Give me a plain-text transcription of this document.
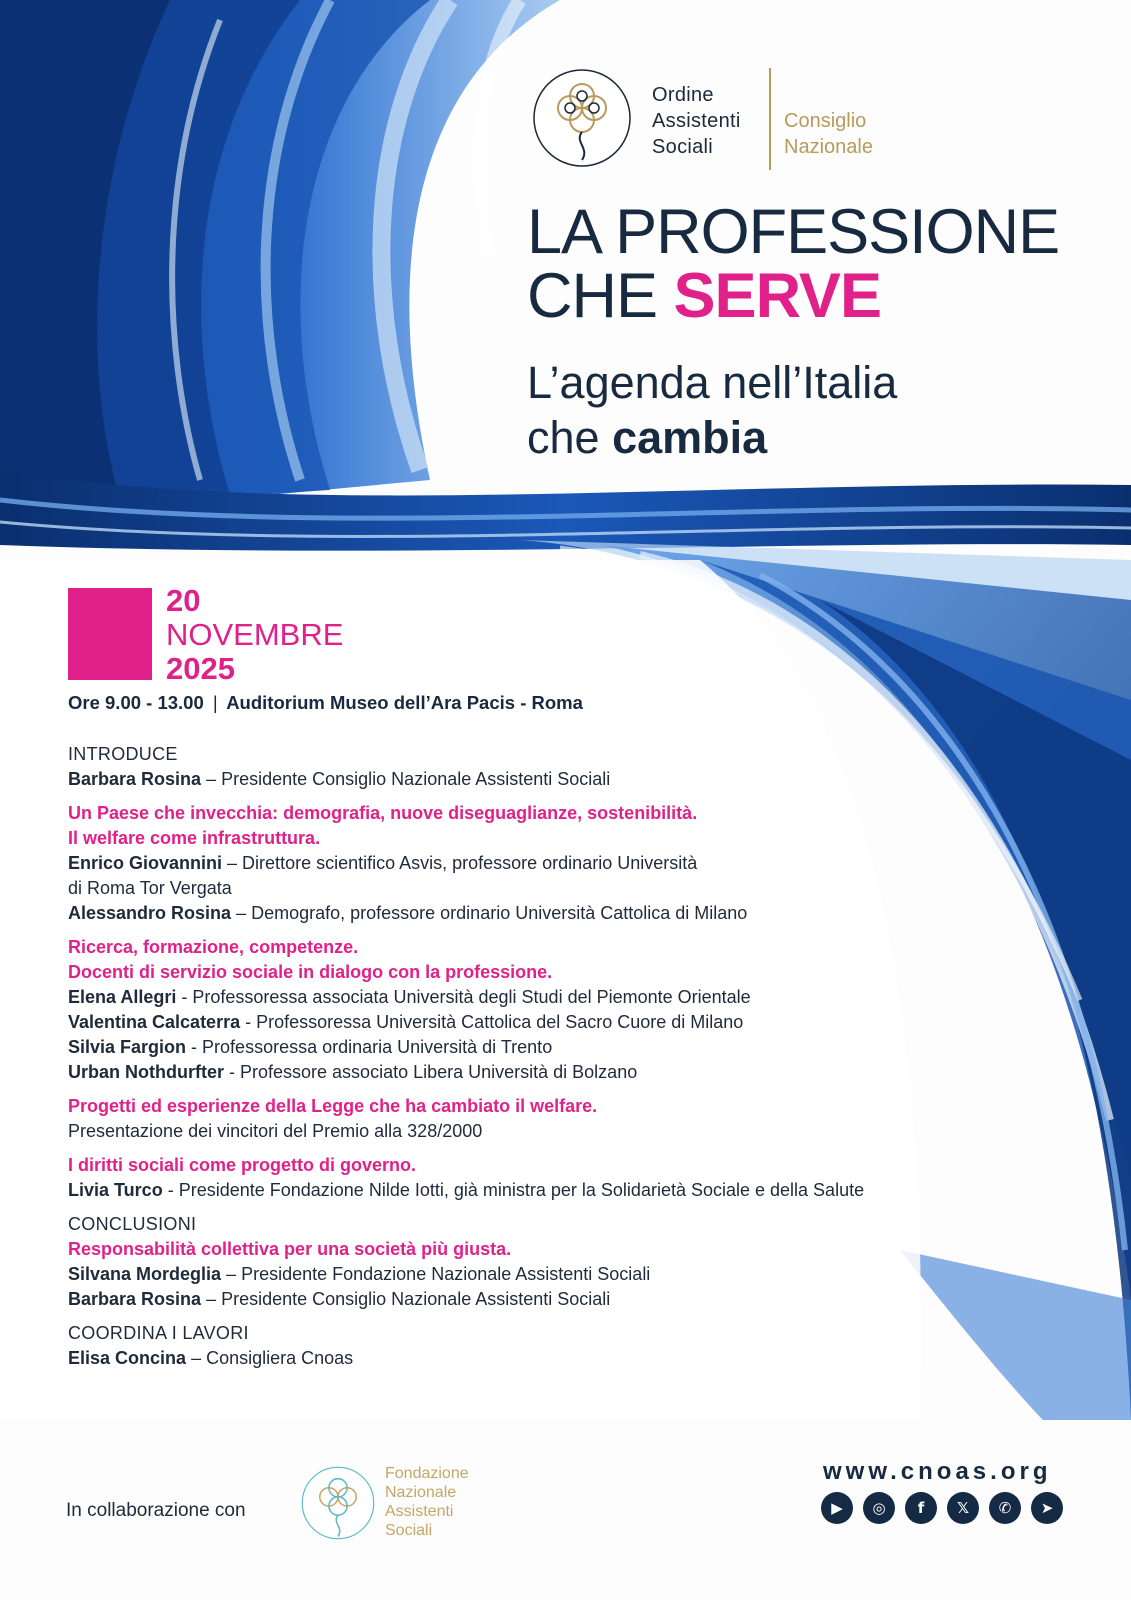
Ordine
Assistenti
Sociali
Consiglio
Nazionale
LA PROFESSIONE
CHE SERVE
L’agenda nell’Italia
che cambia
20
NOVEMBRE
2025
Ore 9.00 - 13.00 | Auditorium Museo dell’Ara Pacis - Roma
INTRODUCE
Barbara Rosina – Presidente Consiglio Nazionale Assistenti Sociali
Un Paese che invecchia: demografia, nuove diseguaglianze, sostenibilità.
Il welfare come infrastruttura.
Enrico Giovannini – Direttore scientifico Asvis, professore ordinario Università
di Roma Tor Vergata
Alessandro Rosina – Demografo, professore ordinario Università Cattolica di Milano
Ricerca, formazione, competenze.
Docenti di servizio sociale in dialogo con la professione.
Elena Allegri - Professoressa associata Università degli Studi del Piemonte Orientale
Valentina Calcaterra - Professoressa Università Cattolica del Sacro Cuore di Milano
Silvia Fargion - Professoressa ordinaria Università di Trento
Urban Nothdurfter - Professore associato Libera Università di Bolzano
Progetti ed esperienze della Legge che ha cambiato il welfare.
Presentazione dei vincitori del Premio alla 328/2000
I diritti sociali come progetto di governo.
Livia Turco - Presidente Fondazione Nilde Iotti, già ministra per la Solidarietà Sociale e della Salute
CONCLUSIONI
Responsabilità collettiva per una società più giusta.
Silvana Mordeglia – Presidente Fondazione Nazionale Assistenti Sociali
Barbara Rosina – Presidente Consiglio Nazionale Assistenti Sociali
COORDINA I LAVORI
Elisa Concina – Consigliera Cnoas
In collaborazione con
Fondazione
Nazionale
Assistenti
Sociali
www.cnoas.org
▶	◎	f	𝕏	✆	➤
